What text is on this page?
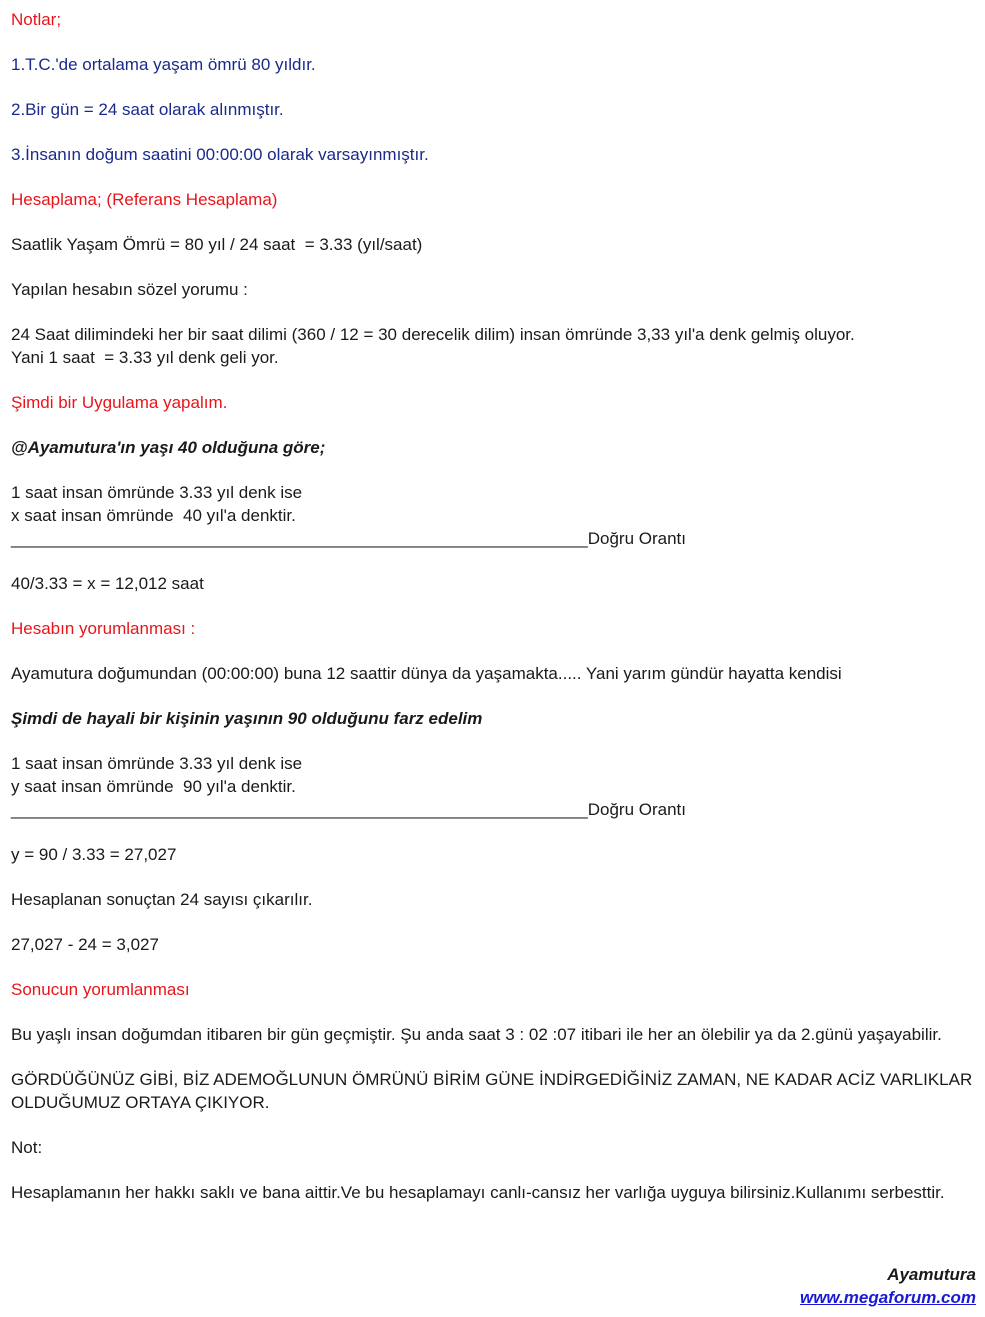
Notlar;

1.T.C.'de ortalama yaşam ömrü 80 yıldır.

2.Bir gün = 24 saat olarak alınmıştır.

3.İnsanın doğum saatini 00:00:00 olarak varsayınmıştır.

Hesaplama; (Referans Hesaplama)

Saatlik Yaşam Ömrü = 80 yıl / 24 saat  = 3.33 (yıl/saat)

Yapılan hesabın sözel yorumu :

24 Saat dilimindeki her bir saat dilimi (360 / 12 = 30 derecelik dilim) insan ömründe 3,33 yıl'a denk gelmiş oluyor.

Yani 1 saat  = 3.33 yıl denk geli yor.

Şimdi bir Uygulama yapalım.

@Ayamutura'ın yaşı 40 olduğuna göre;

1 saat insan ömründe 3.33 yıl denk ise

x saat insan ömründe  40 yıl'a denktir.

_____________________________________________________________Doğru Orantı

40/3.33 = x = 12,012 saat

Hesabın yorumlanması :

Ayamutura doğumundan (00:00:00) buna 12 saattir dünya da yaşamakta..... Yani yarım gündür hayatta kendisi

Şimdi de hayali bir kişinin yaşının 90 olduğunu farz edelim

1 saat insan ömründe 3.33 yıl denk ise

y saat insan ömründe  90 yıl'a denktir.

_____________________________________________________________Doğru Orantı

y = 90 / 3.33 = 27,027

Hesaplanan sonuçtan 24 sayısı çıkarılır.

27,027 - 24 = 3,027

Sonucun yorumlanması

Bu yaşlı insan doğumdan itibaren bir gün geçmiştir. Şu anda saat 3 : 02 :07 itibari ile her an ölebilir ya da 2.günü yaşayabilir.

GÖRDÜĞÜNÜZ GİBİ, BİZ ADEMOĞLUNUN ÖMRÜNÜ BİRİM GÜNE İNDİRGEDİĞİNİZ ZAMAN, NE KADAR ACİZ VARLIKLAR OLDUĞUMUZ ORTAYA ÇIKIYOR.

Not:

Hesaplamanın her hakkı saklı ve bana aittir.Ve bu hesaplamayı canlı-cansız her varlığa uyguya bilirsiniz.Kullanımı serbesttir.

Ayamutura
www.megaforum.com
